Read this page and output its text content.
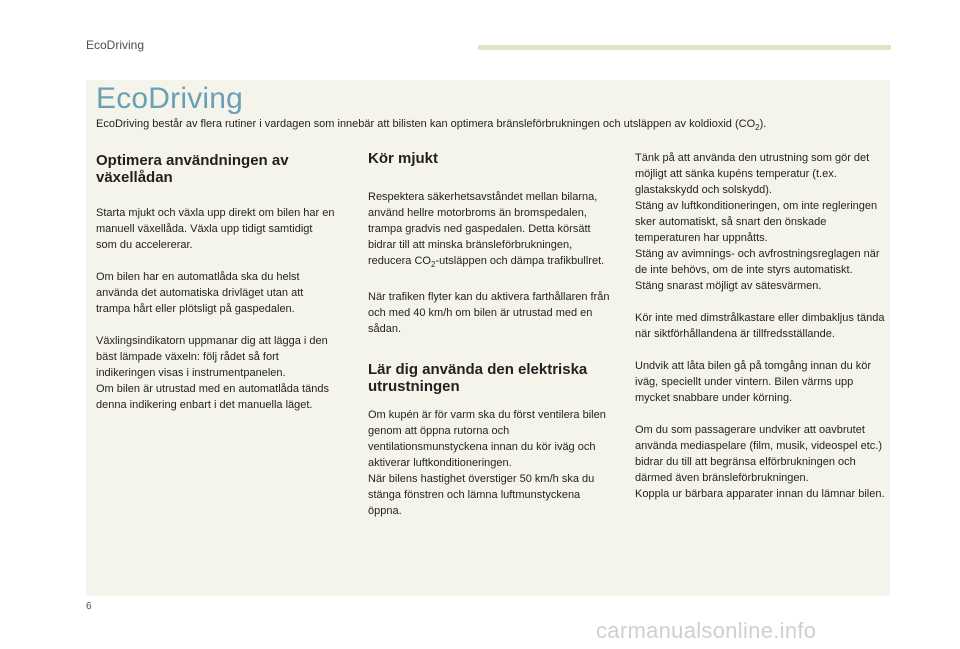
EcoDriving
EcoDriving

EcoDriving består av flera rutiner i vardagen som innebär att bilisten kan optimera bränsleförbrukningen och utsläppen av koldioxid $(CO_2)$.

Optimera användningen av växellådan

Starta mjukt och växla upp direkt om bilen har en manuell växellåda. Växla upp tidigt samtidigt som du accelererar.

Om bilen har en automatlåda ska du helst använda det automatiska drivläget utan att trampa hårt eller plötsligt på gaspedalen.

Växlingsindikatorn uppmanar dig att lägga i den bäst lämpade växeln: följ rådet så fort indikeringen visas i instrumentpanelen.

Om bilen är utrustad med en automatlåda tänds denna indikering enbart i det manuella läget.

Kör mjukt

Respektera säkerhetsavståndet mellan bilarna, använd hellre motorbroms än bromspedalen, trampa gradvis ned gaspedalen. Detta körsätt bidrar till att minska bränsleförbrukningen, reducera $CO_2$-utsläppen och dämpa trafikbullret.

När trafiken flyter kan du aktivera farthållaren från och med 40 km/h om bilen är utrustad med en sådan.

Lär dig använda den elektriska utrustningen

Om kupén är för varm ska du först ventilera bilen genom att öppna rutorna och ventilationsmunstyckena innan du kör iväg och aktiverar luftkonditioneringen.

När bilens hastighet överstiger 50 km/h ska du stänga fönstren och lämna luftmunstyckena öppna.

Tänk på att använda den utrustning som gör det möjligt att sänka kupéns temperatur (t.ex. glastakskydd och solskydd).

Stäng av luftkonditioneringen, om inte regleringen sker automatiskt, så snart den önskade temperaturen har uppnåtts.

Stäng av avimnings- och avfrostningsreglagen när de inte behövs, om de inte styrs automatiskt.

Stäng snarast möjligt av sätesvärmen.

Kör inte med dimstrålkastare eller dimbakljus tända när siktförhållandena är tillfredsställande.

Undvik att låta bilen gå på tomgång innan du kör iväg, speciellt under vintern. Bilen värms upp mycket snabbare under körning.

Om du som passagerare undviker att oavbrutet använda mediaspelare (film, musik, videospel etc.) bidrar du till att begränsa elförbrukningen och därmed även bränsleförbrukningen.

Koppla ur bärbara apparater innan du lämnar bilen.

6
carmanualsonline.info
